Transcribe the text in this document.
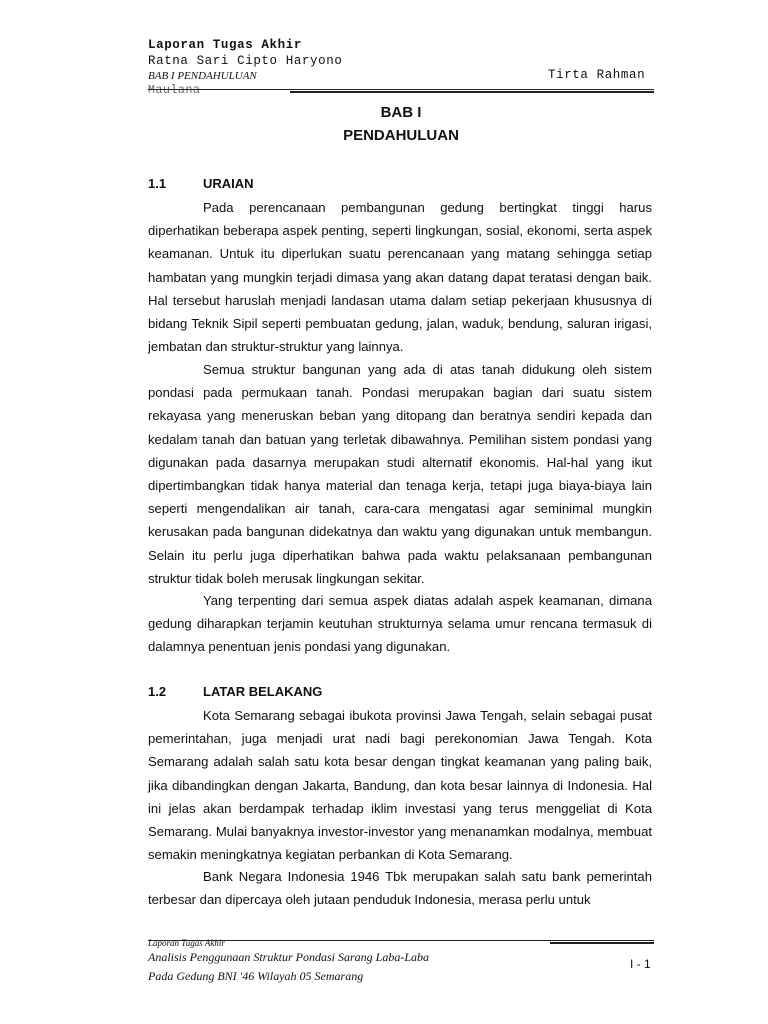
Laporan Tugas Akhir
Ratna Sari Cipto Haryono
BAB I PENDAHULUAN
Maulana
Tirta Rahman
BAB I
PENDAHULUAN
1.1	URAIAN

Pada perencanaan pembangunan gedung bertingkat tinggi harus diperhatikan beberapa aspek penting, seperti lingkungan, sosial, ekonomi, serta aspek keamanan. Untuk itu diperlukan suatu perencanaan yang matang sehingga setiap hambatan yang mungkin terjadi dimasa yang akan datang dapat teratasi dengan baik. Hal tersebut haruslah menjadi landasan utama dalam setiap pekerjaan khususnya di bidang Teknik Sipil seperti pembuatan gedung, jalan, waduk, bendung, saluran irigasi, jembatan dan struktur-struktur yang lainnya.

Semua struktur bangunan yang ada di atas tanah didukung oleh sistem pondasi pada permukaan tanah. Pondasi merupakan bagian dari suatu sistem rekayasa yang meneruskan beban yang ditopang dan beratnya sendiri kepada dan kedalam tanah dan batuan yang terletak dibawahnya. Pemilihan sistem pondasi yang digunakan pada dasarnya merupakan studi alternatif ekonomis. Hal-hal yang ikut dipertimbangkan tidak hanya material dan tenaga kerja, tetapi juga biaya-biaya lain seperti mengendalikan air tanah, cara-cara mengatasi agar seminimal mungkin kerusakan pada bangunan didekatnya dan waktu yang digunakan untuk membangun. Selain itu perlu juga diperhatikan bahwa pada waktu pelaksanaan pembangunan struktur tidak boleh merusak lingkungan sekitar.

Yang terpenting dari semua aspek diatas adalah aspek keamanan, dimana gedung diharapkan terjamin keutuhan strukturnya selama umur rencana termasuk di dalamnya penentuan jenis pondasi yang digunakan.

1.2	LATAR BELAKANG

Kota Semarang sebagai ibukota provinsi Jawa Tengah, selain sebagai pusat pemerintahan, juga menjadi urat nadi bagi perekonomian Jawa Tengah. Kota Semarang adalah salah satu kota besar dengan tingkat keamanan yang paling baik, jika dibandingkan dengan Jakarta, Bandung, dan kota besar lainnya di Indonesia. Hal ini jelas akan berdampak terhadap iklim investasi yang terus menggeliat di Kota Semarang. Mulai banyaknya investor-investor yang menanamkan modalnya, membuat semakin meningkatnya kegiatan perbankan di Kota Semarang.

Bank Negara Indonesia 1946 Tbk merupakan salah satu bank pemerintah terbesar dan dipercaya oleh jutaan penduduk Indonesia, merasa perlu untuk

Laporan Tugas Akhir
Analisis Penggunaan Struktur Pondasi Sarang Laba-Laba
Pada Gedung BNI '46 Wilayah 05 Semarang
I - 1
